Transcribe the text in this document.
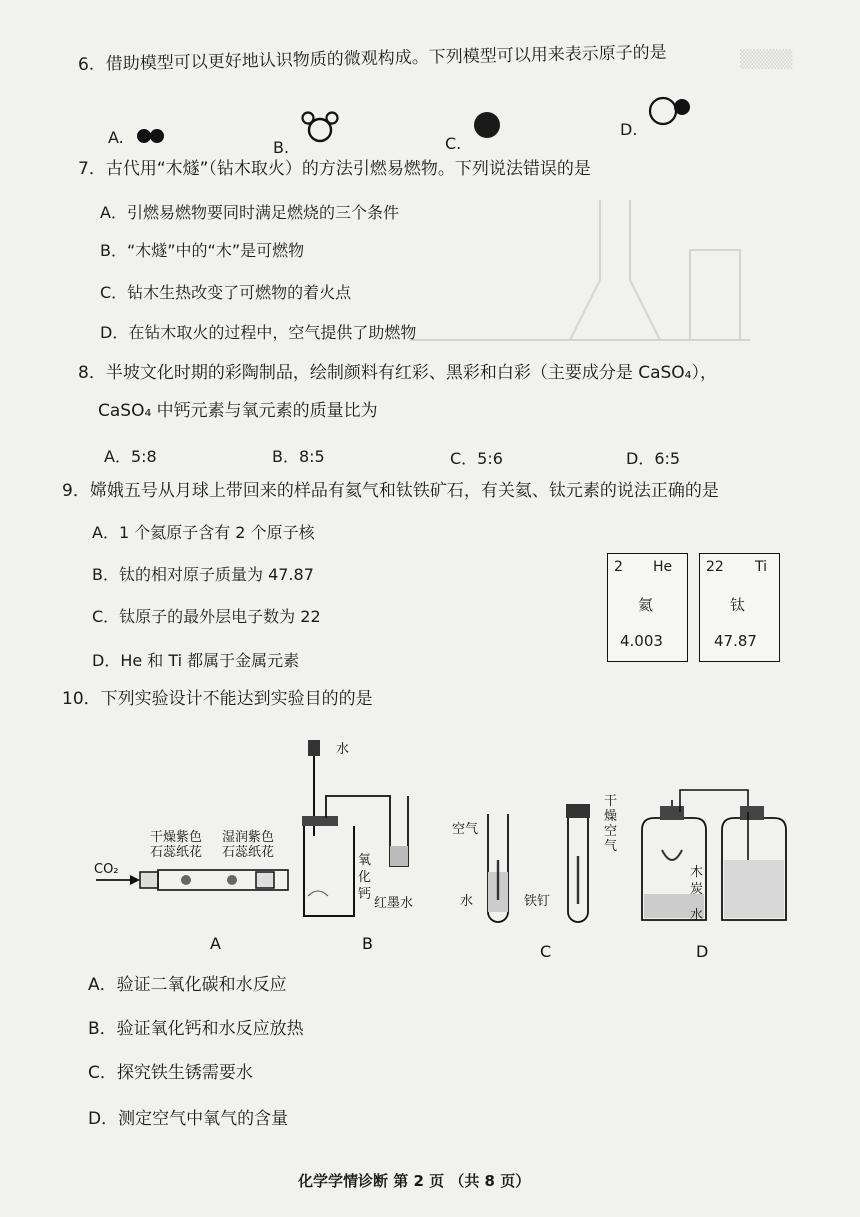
▒▒▒▒
6．借助模型可以更好地认识物质的微观构成。下列模型可以用来表示原子的是
A.
B.	C.
D.
7．古代用“木燧”（钻木取火）的方法引燃易燃物。下列说法错误的是
A．引燃易燃物要同时满足燃烧的三个条件
B．“木燧”中的“木”是可燃物
C．钻木生热改变了可燃物的着火点
D．在钻木取火的过程中，空气提供了助燃物
8．半坡文化时期的彩陶制品，绘制颜料有红彩、黑彩和白彩（主要成分是 CaSO₄），
CaSO₄ 中钙元素与氧元素的质量比为
A．5:8	B．8:5	C．5:6	D．6:5
9．嫦娥五号从月球上带回来的样品有氦气和钛铁矿石，有关氦、钛元素的说法正确的是
A．1 个氦原子含有 2 个原子核
B．钛的相对原子质量为 47.87
C．钛原子的最外层电子数为 22
D．He 和 Ti 都属于金属元素
2 He
氦
4.003
22 Ti
钛
47.87
10．下列实验设计不能达到实验目的的是
CO₂
干燥紫色
石蕊纸花
湿润紫色
石蕊纸花
A
水
氧
化
钙
红墨水
B
空气
干
燥
空
气
水	铁钉
C
木
炭
水
D
A．验证二氧化碳和水反应
B．验证氧化钙和水反应放热
C．探究铁生锈需要水
D．测定空气中氧气的含量
化学学情诊断 第 2 页 （共 8 页）
